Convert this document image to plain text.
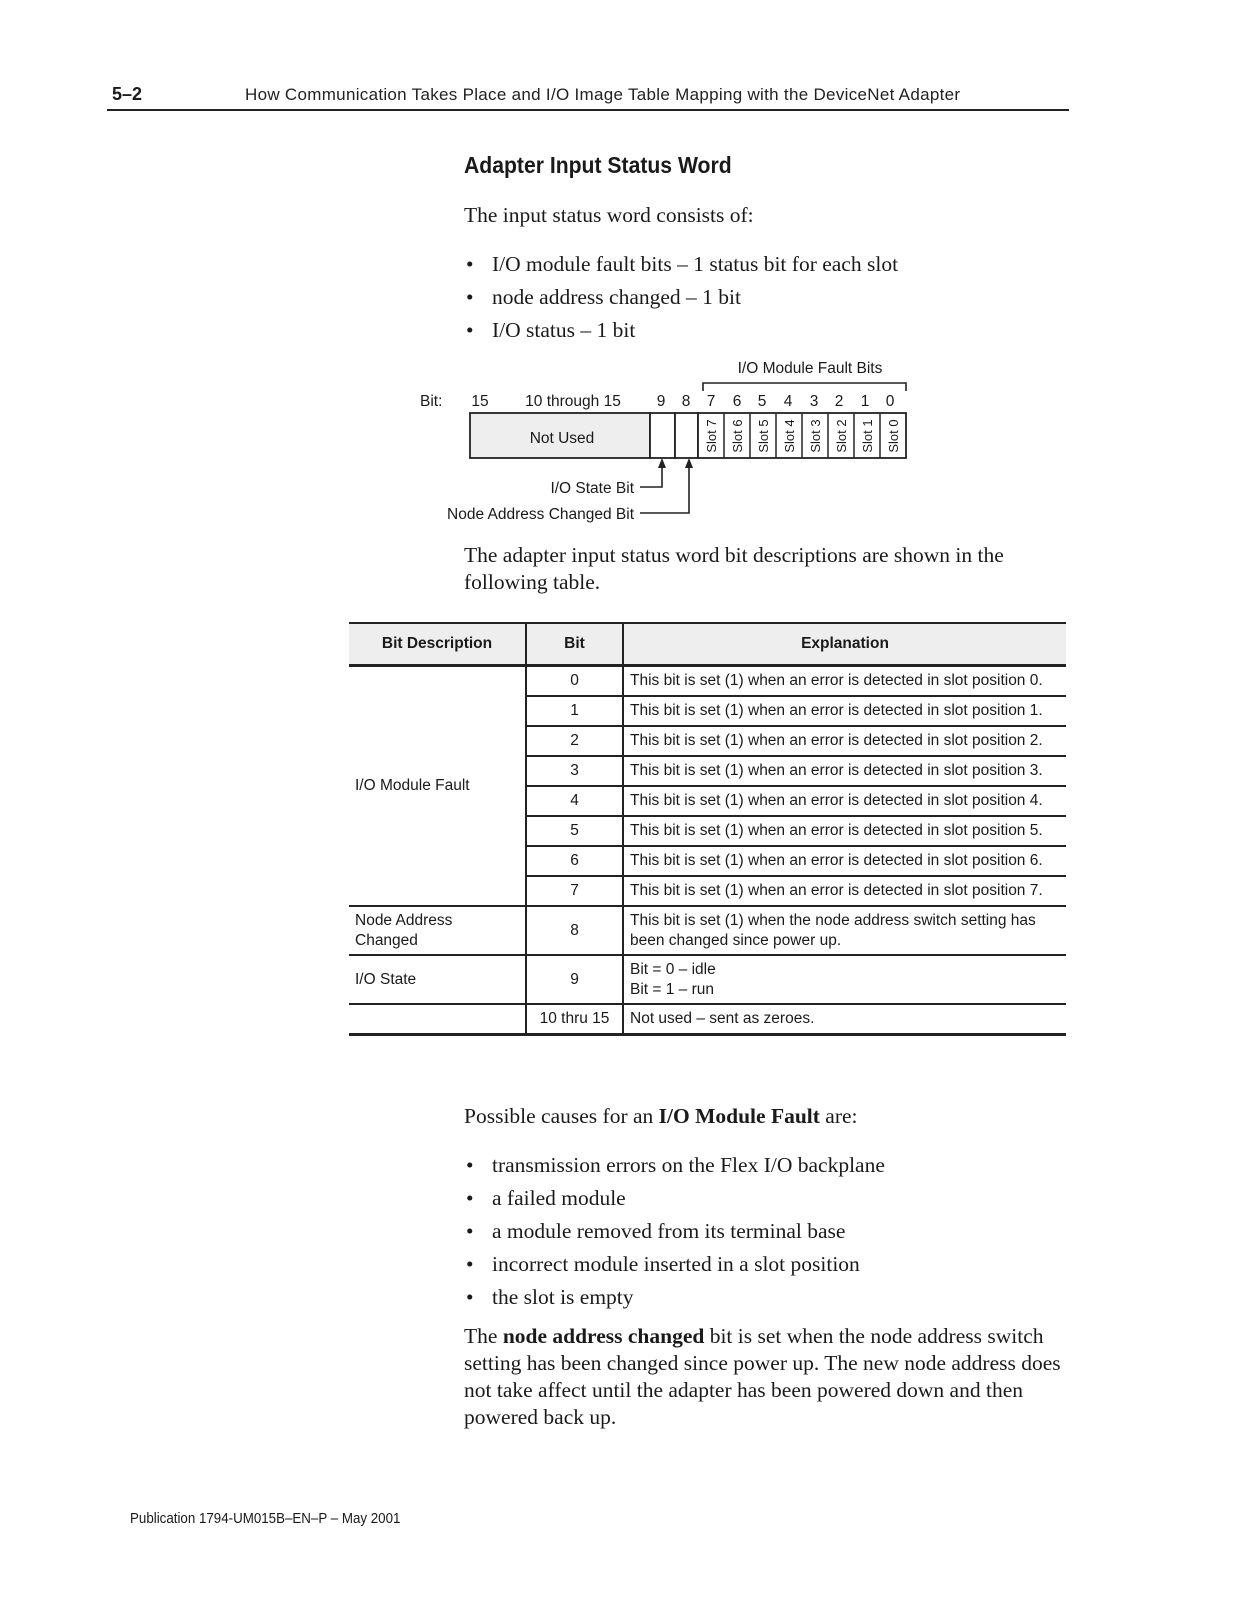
5–2	How Communication Takes Place and I/O Image Table Mapping with the DeviceNet Adapter
Adapter Input Status Word
The input status word consists of:
• I/O module fault bits – 1 status bit for each slot
• node address changed – 1 bit
• I/O status – 1 bit
I/O Module Fault Bits
Bit: 15 10 through 15 9 8 7 6 5 4 3 2 1 0
Not Used	Slot 7 Slot 6 Slot 5 Slot 4 Slot 3 Slot 2 Slot 1 Slot 0
I/O State Bit
Node Address Changed Bit
The adapter input status word bit descriptions are shown in the following table.
Bit Description	Bit	Explanation
I/O Module Fault	0	This bit is set (1) when an error is detected in slot position 0.
	1	This bit is set (1) when an error is detected in slot position 1.
	2	This bit is set (1) when an error is detected in slot position 2.
	3	This bit is set (1) when an error is detected in slot position 3.
	4	This bit is set (1) when an error is detected in slot position 4.
	5	This bit is set (1) when an error is detected in slot position 5.
	6	This bit is set (1) when an error is detected in slot position 6.
	7	This bit is set (1) when an error is detected in slot position 7.
Node Address Changed	8	This bit is set (1) when the node address switch setting has been changed since power up.
I/O State	9	Bit = 0 – idle
Bit = 1 – run

	10 thru 15	Not used – sent as zeroes.
Possible causes for an I/O Module Fault are:
• transmission errors on the Flex I/O backplane
• a failed module
• a module removed from its terminal base
• incorrect module inserted in a slot position
• the slot is empty
The node address changed bit is set when the node address switch setting has been changed since power up. The new node address does not take affect until the adapter has been powered down and then powered back up.
Publication 1794-UM015B–EN–P – May 2001
